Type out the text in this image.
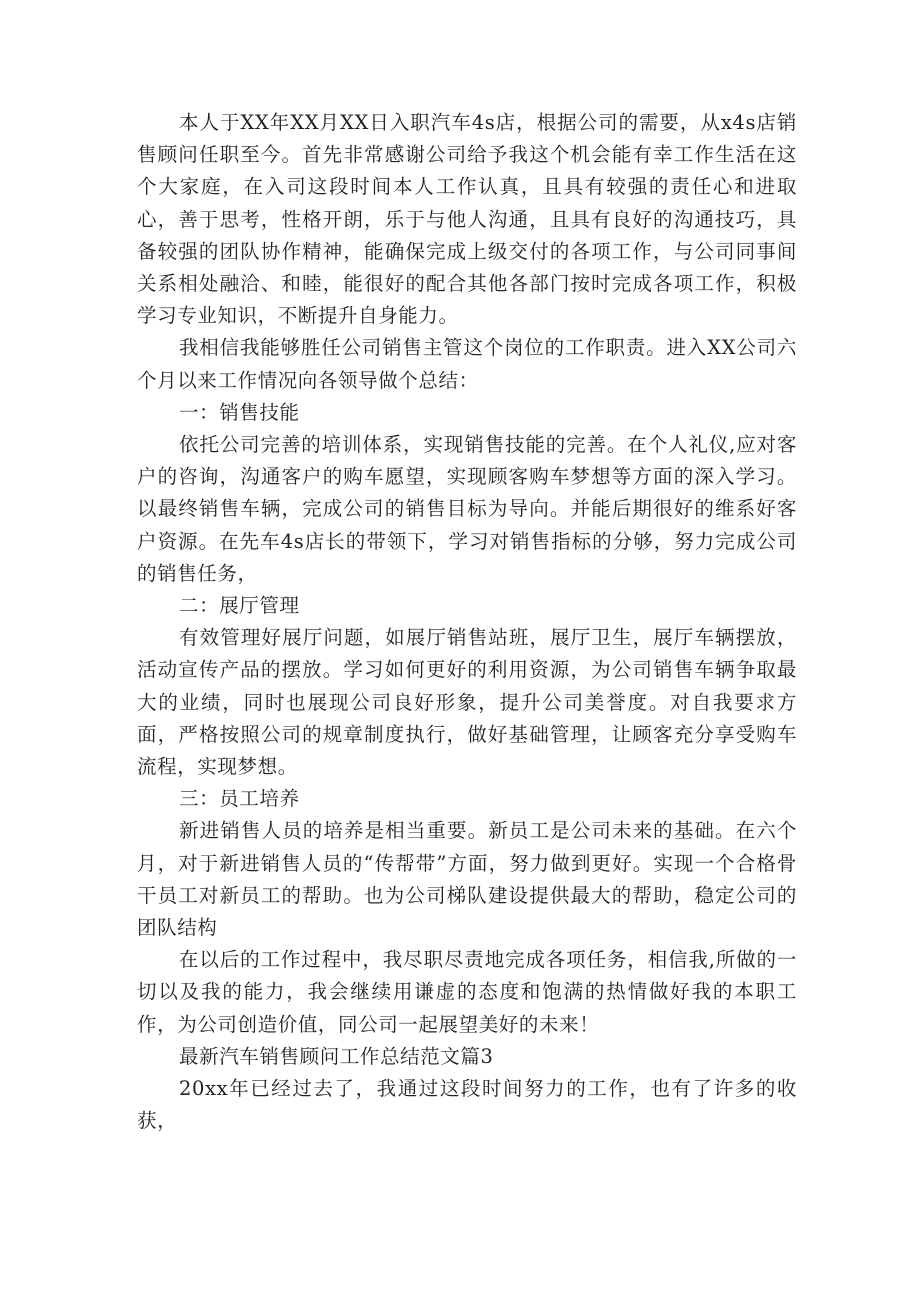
本人于XX年XX月XX日入职汽车4s店，根据公司的需要，从x4s店销售顾问任职至今。首先非常感谢公司给予我这个机会能有幸工作生活在这个大家庭，在入司这段时间本人工作认真，且具有较强的责任心和进取心，善于思考，性格开朗，乐于与他人沟通，且具有良好的沟通技巧，具备较强的团队协作精神，能确保完成上级交付的各项工作，与公司同事间关系相处融洽、和睦，能很好的配合其他各部门按时完成各项工作，积极学习专业知识，不断提升自身能力。

我相信我能够胜任公司销售主管这个岗位的工作职责。进入XX公司六个月以来工作情况向各领导做个总结：

一：销售技能

依托公司完善的培训体系，实现销售技能的完善。在个人礼仪,应对客户的咨询，沟通客户的购车愿望，实现顾客购车梦想等方面的深入学习。以最终销售车辆，完成公司的销售目标为导向。并能后期很好的维系好客户资源。在先车4s店长的带领下，学习对销售指标的分够，努力完成公司的销售任务，

二：展厅管理

有效管理好展厅问题，如展厅销售站班，展厅卫生，展厅车辆摆放，活动宣传产品的摆放。学习如何更好的利用资源，为公司销售车辆争取最大的业绩，同时也展现公司良好形象，提升公司美誉度。对自我要求方面，严格按照公司的规章制度执行，做好基础管理，让顾客充分享受购车流程，实现梦想。

三：员工培养

新进销售人员的培养是相当重要。新员工是公司未来的基础。在六个月，对于新进销售人员的“传帮带”方面，努力做到更好。实现一个合格骨干员工对新员工的帮助。也为公司梯队建设提供最大的帮助，稳定公司的团队结构

在以后的工作过程中，我尽职尽责地完成各项任务，相信我,所做的一切以及我的能力，我会继续用谦虚的态度和饱满的热情做好我的本职工作，为公司创造价值，同公司一起展望美好的未来！

最新汽车销售顾问工作总结范文篇3

20xx年已经过去了，我通过这段时间努力的工作，也有了许多的收获，
